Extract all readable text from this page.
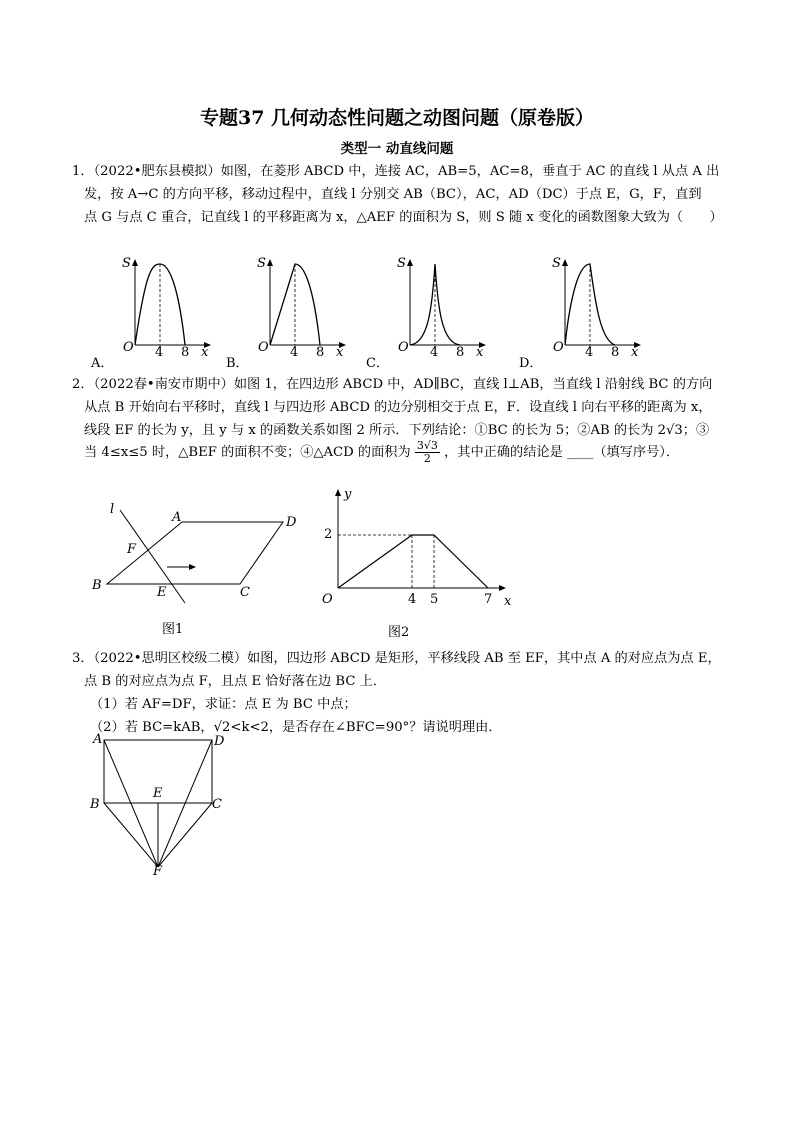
专题37 几何动态性问题之动图问题（原卷版）
类型一 动直线问题
1．（2022•肥东县模拟）如图，在菱形 ABCD 中，连接 AC，AB=5，AC=8，垂直于 AC 的直线 l 从点 A 出
发，按 A→C 的方向平移，移动过程中，直线 l 分别交 AB（BC），AC，AD（DC）于点 E，G，F，直到
点 G 与点 C 重合，记直线 l 的平移距离为 x，△AEF 的面积为 S，则 S 随 x 变化的函数图象大致为（　　）
S
O 4 8 x
A．
S
O 4 8 x
B．
S
O 4 8 x
C．
S
O 4 8 x
D．
2．（2022春•南安市期中）如图 1，在四边形 ABCD 中，AD∥BC，直线 l⊥AB，当直线 l 沿射线 BC 的方向
从点 B 开始向右平移时，直线 l 与四边形 ABCD 的边分别相交于点 E，F．设直线 l 向右平移的距离为 x，
线段 EF 的长为 y，且 y 与 x 的函数关系如图 2 所示．下列结论：①BC 的长为 5；②AB 的长为 2√3；③
当 4≤x≤5 时，△BEF 的面积不变；④△ACD 的面积为 $\frac{3√3}{2}$ ，其中正确的结论是 ____（填写序号）．
l
A	D
F
B	E	C
图1
y
2
O	4 5	7 x
图2
3．（2022•思明区校级二模）如图，四边形 ABCD 是矩形，平移线段 AB 至 EF，其中点 A 的对应点为点 E，
点 B 的对应点为点 F，且点 E 恰好落在边 BC 上．
（1）若 AF=DF，求证：点 E 为 BC 中点；
（2）若 BC=kAB，√2<k<2，是否存在∠BFC=90°？请说明理由．
A	D
B
E
C
F
